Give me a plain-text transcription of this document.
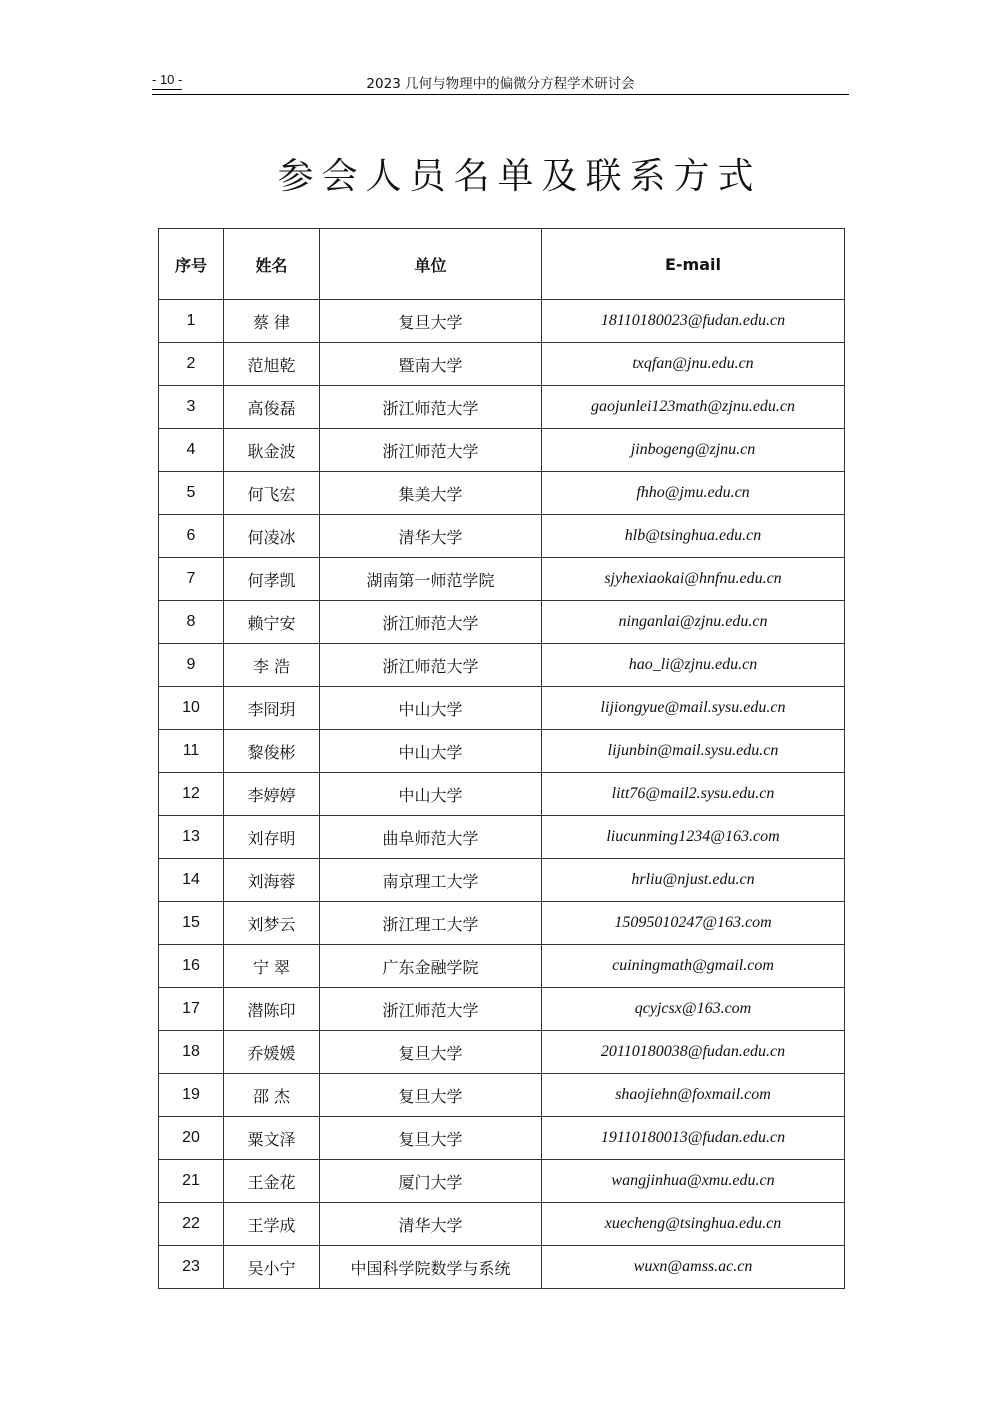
- 10 -	2023 几何与物理中的偏微分方程学术研讨会
参会人员名单及联系方式
序号	姓名	单位	E-mail
1	蔡 律	复旦大学	18110180023@fudan.edu.cn
2	范旭乾	暨南大学	txqfan@jnu.edu.cn
3	高俊磊	浙江师范大学	gaojunlei123math@zjnu.edu.cn
4	耿金波	浙江师范大学	jinbogeng@zjnu.cn
5	何飞宏	集美大学	fhho@jmu.edu.cn
6	何凌冰	清华大学	hlb@tsinghua.edu.cn
7	何孝凯	湖南第一师范学院	sjyhexiaokai@hnfnu.edu.cn
8	赖宁安	浙江师范大学	ninganlai@zjnu.edu.cn
9	李 浩	浙江师范大学	hao_li@zjnu.edu.cn
10	李冏玥	中山大学	lijiongyue@mail.sysu.edu.cn
11	黎俊彬	中山大学	lijunbin@mail.sysu.edu.cn
12	李婷婷	中山大学	litt76@mail2.sysu.edu.cn
13	刘存明	曲阜师范大学	liucunming1234@163.com
14	刘海蓉	南京理工大学	hrliu@njust.edu.cn
15	刘梦云	浙江理工大学	15095010247@163.com
16	宁 翠	广东金融学院	cuiningmath@gmail.com
17	潜陈印	浙江师范大学	qcyjcsx@163.com
18	乔媛媛	复旦大学	20110180038@fudan.edu.cn
19	邵 杰	复旦大学	shaojiehn@foxmail.com
20	粟文泽	复旦大学	19110180013@fudan.edu.cn
21	王金花	厦门大学	wangjinhua@xmu.edu.cn
22	王学成	清华大学	xuecheng@tsinghua.edu.cn
23	吴小宁	中国科学院数学与系统	wuxn@amss.ac.cn
